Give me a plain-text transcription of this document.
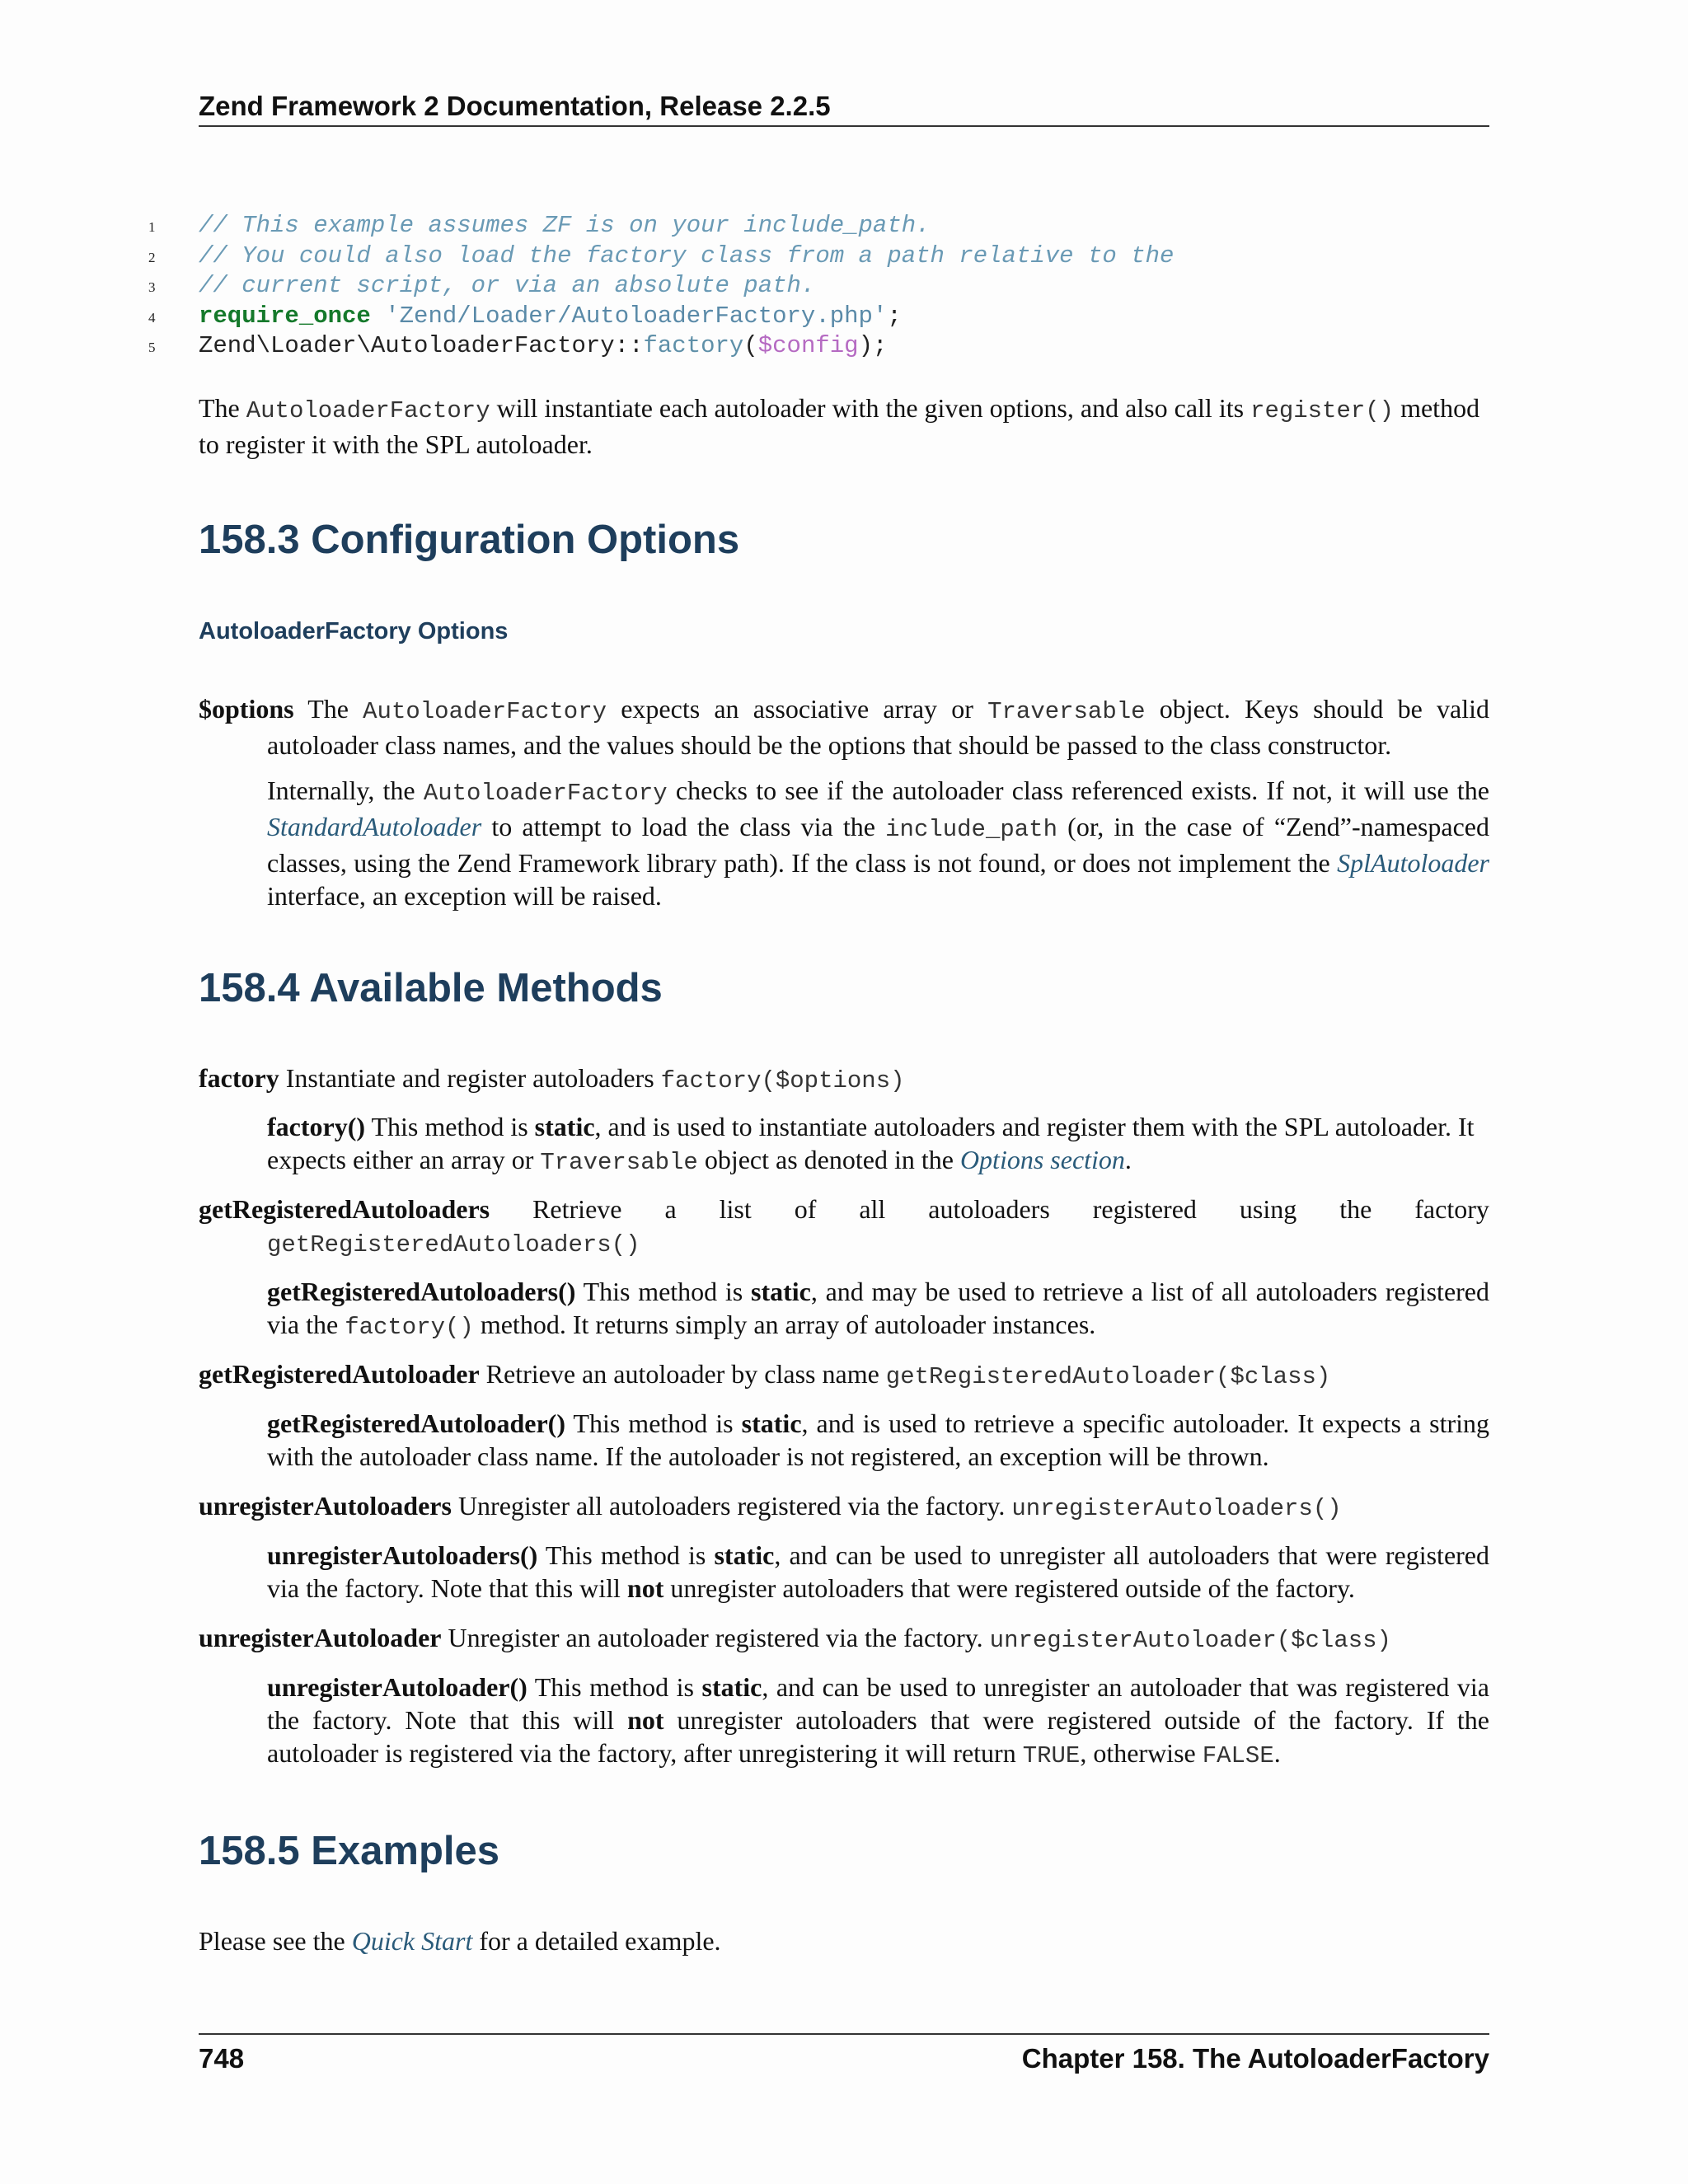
Zend Framework 2 Documentation, Release 2.2.5
1 // This example assumes ZF is on your include_path.
2 // You could also load the factory class from a path relative to the
3 // current script, or via an absolute path.
4 require_once 'Zend/Loader/AutoloaderFactory.php';
5 Zend\Loader\AutoloaderFactory::factory($config);
The AutoloaderFactory will instantiate each autoloader with the given options, and also call its register() method to register it with the SPL autoloader.
158.3 Configuration Options
AutoloaderFactory Options
$options The AutoloaderFactory expects an associative array or Traversable object. Keys should be valid autoloader class names, and the values should be the options that should be passed to the class constructor.
Internally, the AutoloaderFactory checks to see if the autoloader class referenced exists. If not, it will use the StandardAutoloader to attempt to load the class via the include_path (or, in the case of “Zend”-namespaced classes, using the Zend Framework library path). If the class is not found, or does not implement the SplAutoloader interface, an exception will be raised.
158.4 Available Methods
factory Instantiate and register autoloaders factory($options)
factory() This method is static, and is used to instantiate autoloaders and register them with the SPL autoloader. It expects either an array or Traversable object as denoted in the Options section.
getRegisteredAutoloaders Retrieve a list of all autoloaders registered using the factory
getRegisteredAutoloaders()
getRegisteredAutoloaders() This method is static, and may be used to retrieve a list of all autoloaders registered via the factory() method. It returns simply an array of autoloader instances.
getRegisteredAutoloader Retrieve an autoloader by class name getRegisteredAutoloader($class)
getRegisteredAutoloader() This method is static, and is used to retrieve a specific autoloader. It expects a string with the autoloader class name. If the autoloader is not registered, an exception will be thrown.
unregisterAutoloaders Unregister all autoloaders registered via the factory. unregisterAutoloaders()
unregisterAutoloaders() This method is static, and can be used to unregister all autoloaders that were registered via the factory. Note that this will not unregister autoloaders that were registered outside of the factory.
unregisterAutoloader Unregister an autoloader registered via the factory. unregisterAutoloader($class)
unregisterAutoloader() This method is static, and can be used to unregister an autoloader that was registered via the factory. Note that this will not unregister autoloaders that were registered outside of the factory. If the autoloader is registered via the factory, after unregistering it will return TRUE, otherwise FALSE.
158.5 Examples
Please see the Quick Start for a detailed example.
748	Chapter 158. The AutoloaderFactory
